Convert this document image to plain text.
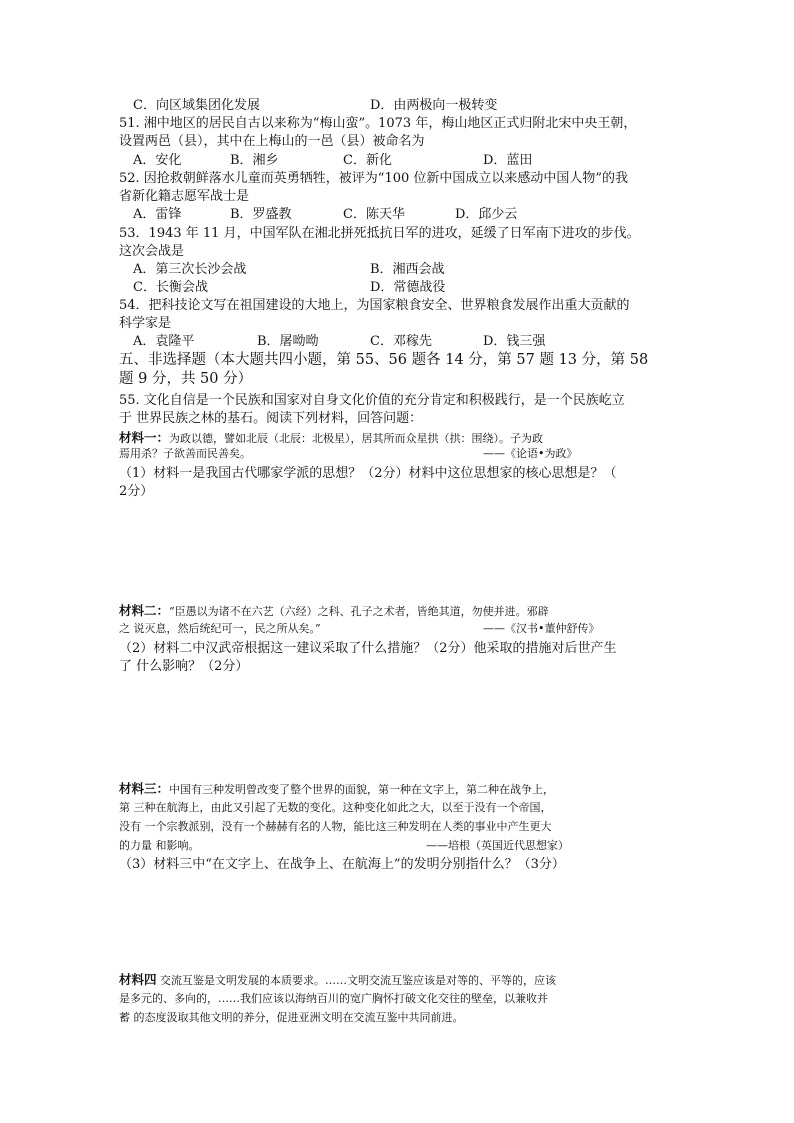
C．向区域集团化发展	D．由两极向一极转变
51. 湘中地区的居民自古以来称为“梅山蛮”。1073 年，梅山地区正式归附北宋中央王朝，
设置两邑（县），其中在上梅山的一邑（县）被命名为
A．安化	B．湘乡	C．新化	D．蓝田
52. 因抢救朝鲜落水儿童而英勇牺牲，被评为“100 位新中国成立以来感动中国人物”的我
省新化籍志愿军战士是
A．雷锋	B．罗盛教	C．陈天华	D．邱少云
53．1943 年 11 月，中国军队在湘北拼死抵抗日军的进攻，延缓了日军南下进攻的步伐。
这次会战是
A．第三次长沙会战	B．湘西会战
C．长衡会战	D．常德战役
54．把科技论文写在祖国建设的大地上，为国家粮食安全、世界粮食发展作出重大贡献的
科学家是
A．袁隆平	B．屠呦呦	C．邓稼先	D．钱三强
五、非选择题（本大题共四小题，第 55、56 题各 14 分，第 57 题 13 分，第 58
题 9 分，共 50 分）
55. 文化自信是一个民族和国家对自身文化价值的充分肯定和积极践行，是一个民族屹立
于 世界民族之林的基石。阅读下列材料，回答问题：
材料一：为政以德，譬如北辰（北辰：北极星），居其所而众星拱（拱：围绕）。子为政
焉用杀？子欲善而民善矣。	——《论语•为政》
（1）材料一是我国古代哪家学派的思想？（2分）材料中这位思想家的核心思想是？（
2分）
材料二：“臣愚以为诸不在六艺（六经）之科、孔子之术者，皆绝其道，勿使并进。邪辟
之 说灭息，然后统纪可一，民之所从矣。”	——《汉书•董仲舒传》
（2）材料二中汉武帝根据这一建议采取了什么措施？（2分）他采取的措施对后世产生
了 什么影响？（2分）
材料三：中国有三种发明曾改变了整个世界的面貌，第一种在文字上，第二种在战争上，
第 三种在航海上，由此又引起了无数的变化。这种变化如此之大，以至于没有一个帝国，
没有 一个宗教派别，没有一个赫赫有名的人物，能比这三种发明在人类的事业中产生更大
的力量 和影响。	——培根（英国近代思想家）
（3）材料三中“在文字上、在战争上、在航海上”的发明分别指什么？（3分）
材料四 交流互鉴是文明发展的本质要求。……文明交流互鉴应该是对等的、平等的，应该
是多元的、多向的，……我们应该以海纳百川的宽广胸怀打破文化交往的壁垒，以兼收并
蓄 的态度汲取其他文明的养分，促进亚洲文明在交流互鉴中共同前进。
